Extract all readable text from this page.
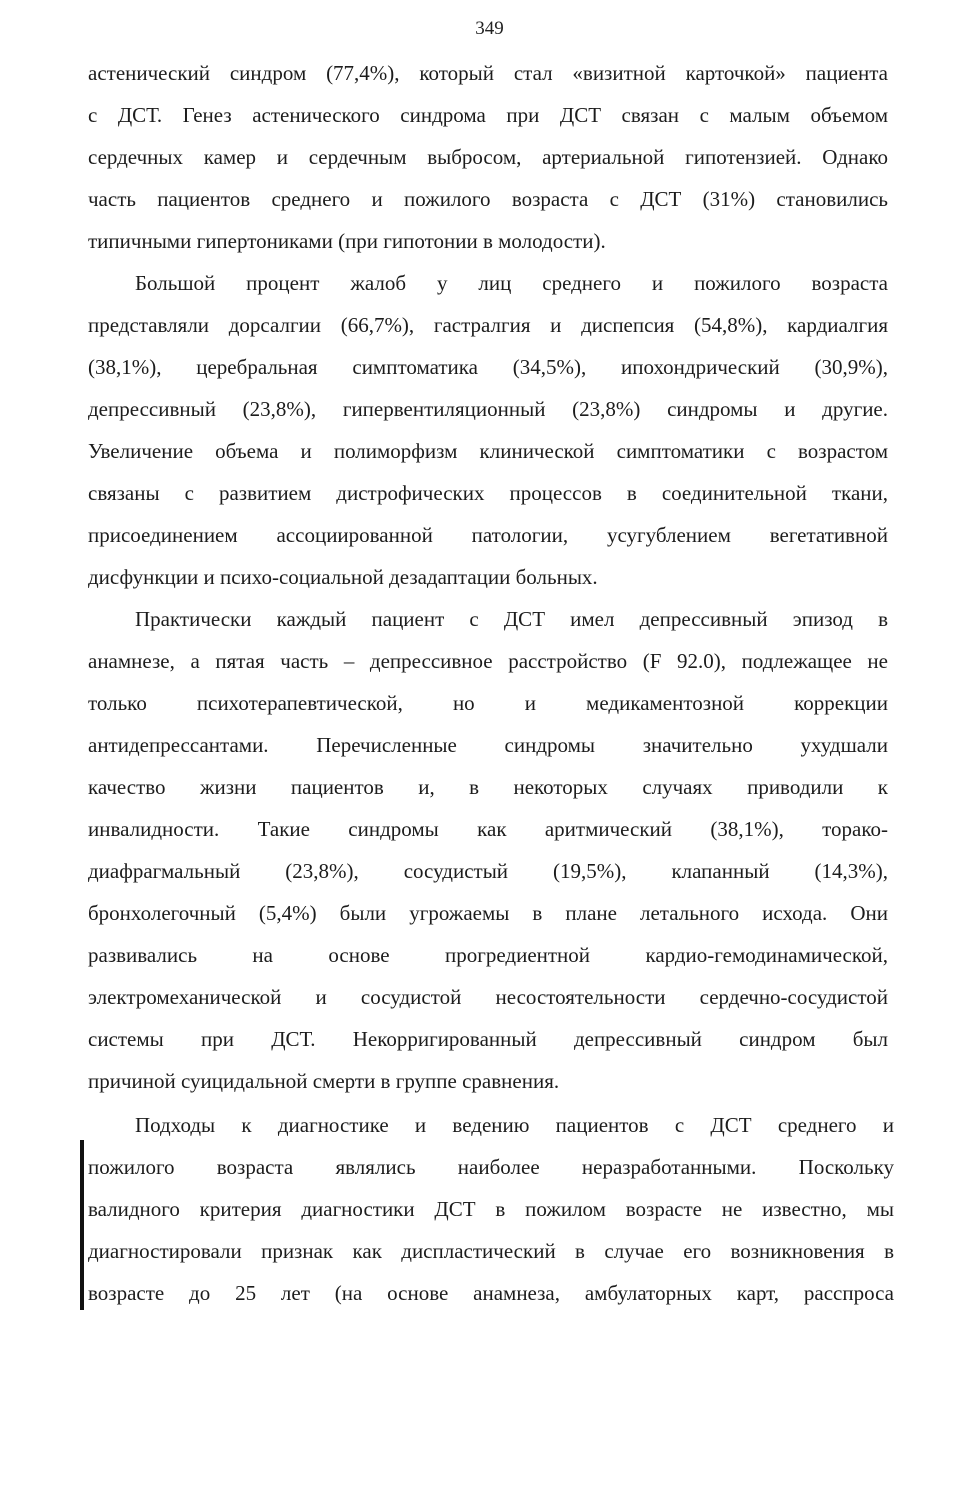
349
астенический синдром (77,4%), который стал «визитной карточкой» пациента
с ДСТ. Генез астенического синдрома при ДСТ связан с малым объемом
сердечных камер и сердечным выбросом, артериальной гипотензией. Однако
часть пациентов среднего и пожилого возраста с ДСТ (31%) становились
типичными гипертониками (при гипотонии в молодости).
Большой процент жалоб у лиц среднего и пожилого возраста
представляли дорсалгии (66,7%), гастралгия и диспепсия (54,8%), кардиалгия
(38,1%), церебральная симптоматика (34,5%), ипохондрический (30,9%),
депрессивный (23,8%), гипервентиляционный (23,8%) синдромы и другие.
Увеличение объема и полиморфизм клинической симптоматики с возрастом
связаны с развитием дистрофических процессов в соединительной ткани,
присоединением ассоциированной патологии, усугублением вегетативной
дисфункции и психо-социальной дезадаптации больных.
Практически каждый пациент с ДСТ имел депрессивный эпизод в
анамнезе, а пятая часть – депрессивное расстройство (F 92.0), подлежащее не
только психотерапевтической, но и медикаментозной коррекции
антидепрессантами. Перечисленные синдромы значительно ухудшали
качество жизни пациентов и, в некоторых случаях приводили к
инвалидности. Такие синдромы как аритмический (38,1%), торако-
диафрагмальный (23,8%), сосудистый (19,5%), клапанный (14,3%),
бронхолегочный (5,4%) были угрожаемы в плане летального исхода. Они
развивались на основе прогредиентной кардио-гемодинамической,
электромеханической и сосудистой несостоятельности сердечно-сосудистой
системы при ДСТ. Некорригированный депрессивный синдром был
причиной суицидальной смерти в группе сравнения.
Подходы к диагностике и ведению пациентов с ДСТ среднего и
пожилого возраста являлись наиболее неразработанными. Поскольку
валидного критерия диагностики ДСТ в пожилом возрасте не известно, мы
диагностировали признак как диспластический в случае его возникновения в
возрасте до 25 лет (на основе анамнеза, амбулаторных карт, расспроса
